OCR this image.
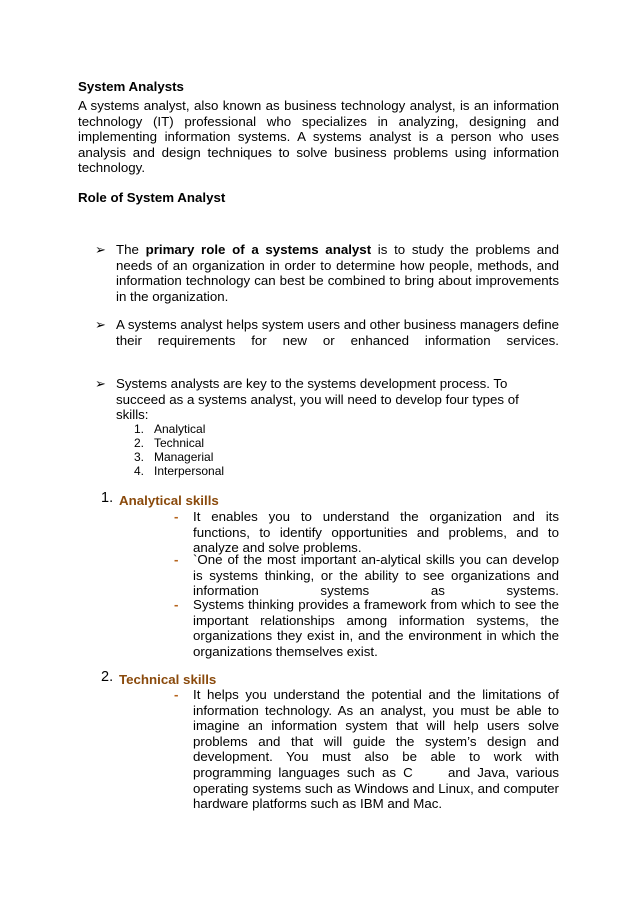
System Analysts

A systems analyst, also known as business technology analyst, is an information technology (IT) professional who specializes in analyzing, designing and implementing information systems. A systems analyst is a person who uses analysis and design techniques to solve business problems using information technology.

Role of System Analyst
➢ The primary role of a systems analyst is to study the problems and needs of an organization in order to determine how people, methods, and information technology can best be combined to bring about improvements in the organization.

➢ A systems analyst helps system users and other business managers define their requirements for new or enhanced information services.

➢ Systems analysts are key to the systems development process. To succeed as a systems analyst, you will need to develop four types of skills:

1. Analytical
2. Technical
3. Managerial
4. Interpersonal
1. Analytical skills
- It enables you to understand the organization and its functions, to identify opportunities and problems, and to analyze and solve problems.

- `One of the most important an-alytical skills you can develop is systems thinking, or the ability to see organizations and information systems as systems.

- Systems thinking provides a framework from which to see the important relationships among information systems, the organizations they exist in, and the environment in which the organizations themselves exist.

2. Technical skills
- It helps you understand the potential and the limitations of information technology. As an analyst, you must be able to imagine an information system that will help users solve problems and that will guide the system’s design and development. You must also be able to work with programming languages such as C     and Java, various operating systems such as Windows and Linux, and computer hardware platforms such as IBM and Mac.
